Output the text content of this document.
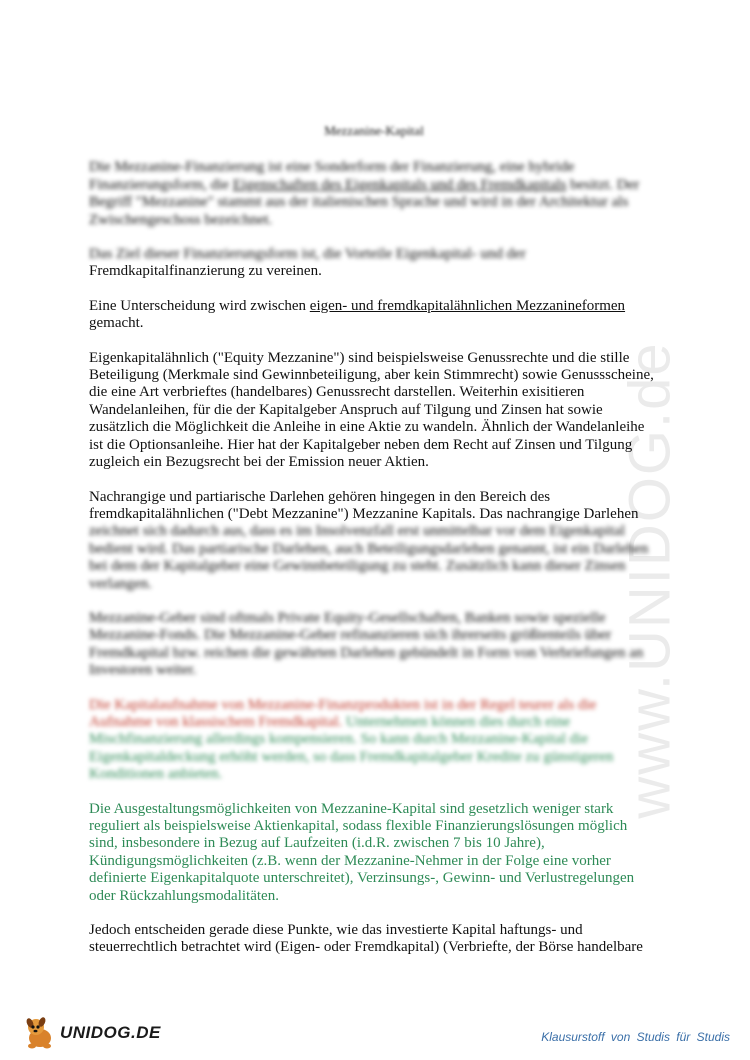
www.UNIDOG.de
Mezzanine-Kapital

Die Mezzanine-Finanzierung ist eine Sonderform der Finanzierung, eine hybride Finanzierungsform, die Eigenschaften des Eigenkapitals und des Fremdkapitals besitzt. Der Begriff "Mezzanine" stammt aus der italienischen Sprache und wird in der Architektur als Zwischengeschoss bezeichnet.

Das Ziel dieser Finanzierungsform ist, die Vorteile Eigenkapital- und der
Fremdkapitalfinanzierung zu vereinen.

Eine Unterscheidung wird zwischen eigen- und fremdkapitalähnlichen Mezzanineformen gemacht.

Eigenkapitalähnlich ("Equity Mezzanine") sind beispielsweise Genussrechte und die stille Beteiligung (Merkmale sind Gewinnbeteiligung, aber kein Stimmrecht) sowie Genussscheine, die eine Art verbrieftes (handelbares) Genussrecht darstellen. Weiterhin exisitieren Wandelanleihen, für die der Kapitalgeber Anspruch auf Tilgung und Zinsen hat sowie zusätzlich die Möglichkeit die Anleihe in eine Aktie zu wandeln. Ähnlich der Wandelanleihe ist die Optionsanleihe. Hier hat der Kapitalgeber neben dem Recht auf Zinsen und Tilgung zugleich ein Bezugsrecht bei der Emission neuer Aktien.

Nachrangige und partiarische Darlehen gehören hingegen in den Bereich des fremdkapitalähnlichen ("Debt Mezzanine") Mezzanine Kapitals. Das nachrangige Darlehen
zeichnet sich dadurch aus, dass es im Insolvenzfall erst unmittelbar vor dem Eigenkapital bedient wird. Das partiarische Darlehen, auch Beteiligungsdarlehen genannt, ist ein Darlehen bei dem der Kapitalgeber eine Gewinnbeteiligung zu steht. Zusätzlich kann dieser Zinsen verlangen.

Mezzanine-Geber sind oftmals Private Equity-Gesellschaften, Banken sowie spezielle Mezzanine-Fonds. Die Mezzanine-Geber refinanzieren sich ihrerseits größtenteils über Fremdkapital bzw. reichen die gewährten Darlehen gebündelt in Form von Verbriefungen an Investoren weiter.

Die Kapitalaufnahme von Mezzanine-Finanzprodukten ist in der Regel teurer als die Aufnahme von klassischem Fremdkapital. Unternehmen können dies durch eine Mischfinanzierung allerdings kompensieren. So kann durch Mezzanine-Kapital die Eigenkapitaldeckung erhöht werden, so dass Fremdkapitalgeber Kredite zu günstigeren Konditionen anbieten.

Die Ausgestaltungsmöglichkeiten von Mezzanine-Kapital sind gesetzlich weniger stark reguliert als beispielsweise Aktienkapital, sodass flexible Finanzierungslösungen möglich sind, insbesondere in Bezug auf Laufzeiten (i.d.R. zwischen 7 bis 10 Jahre), Kündigungsmöglichkeiten (z.B. wenn der Mezzanine-Nehmer in der Folge eine vorher definierte Eigenkapitalquote unterschreitet), Verzinsungs-, Gewinn- und Verlustregelungen oder Rückzahlungsmodalitäten.

Jedoch entscheiden gerade diese Punkte, wie das investierte Kapital haftungs- und steuerrechtlich betrachtet wird (Eigen- oder Fremdkapital) (Verbriefte, der Börse handelbare

UNIDOG.DE	Klausurstoff von Studis für Studis
